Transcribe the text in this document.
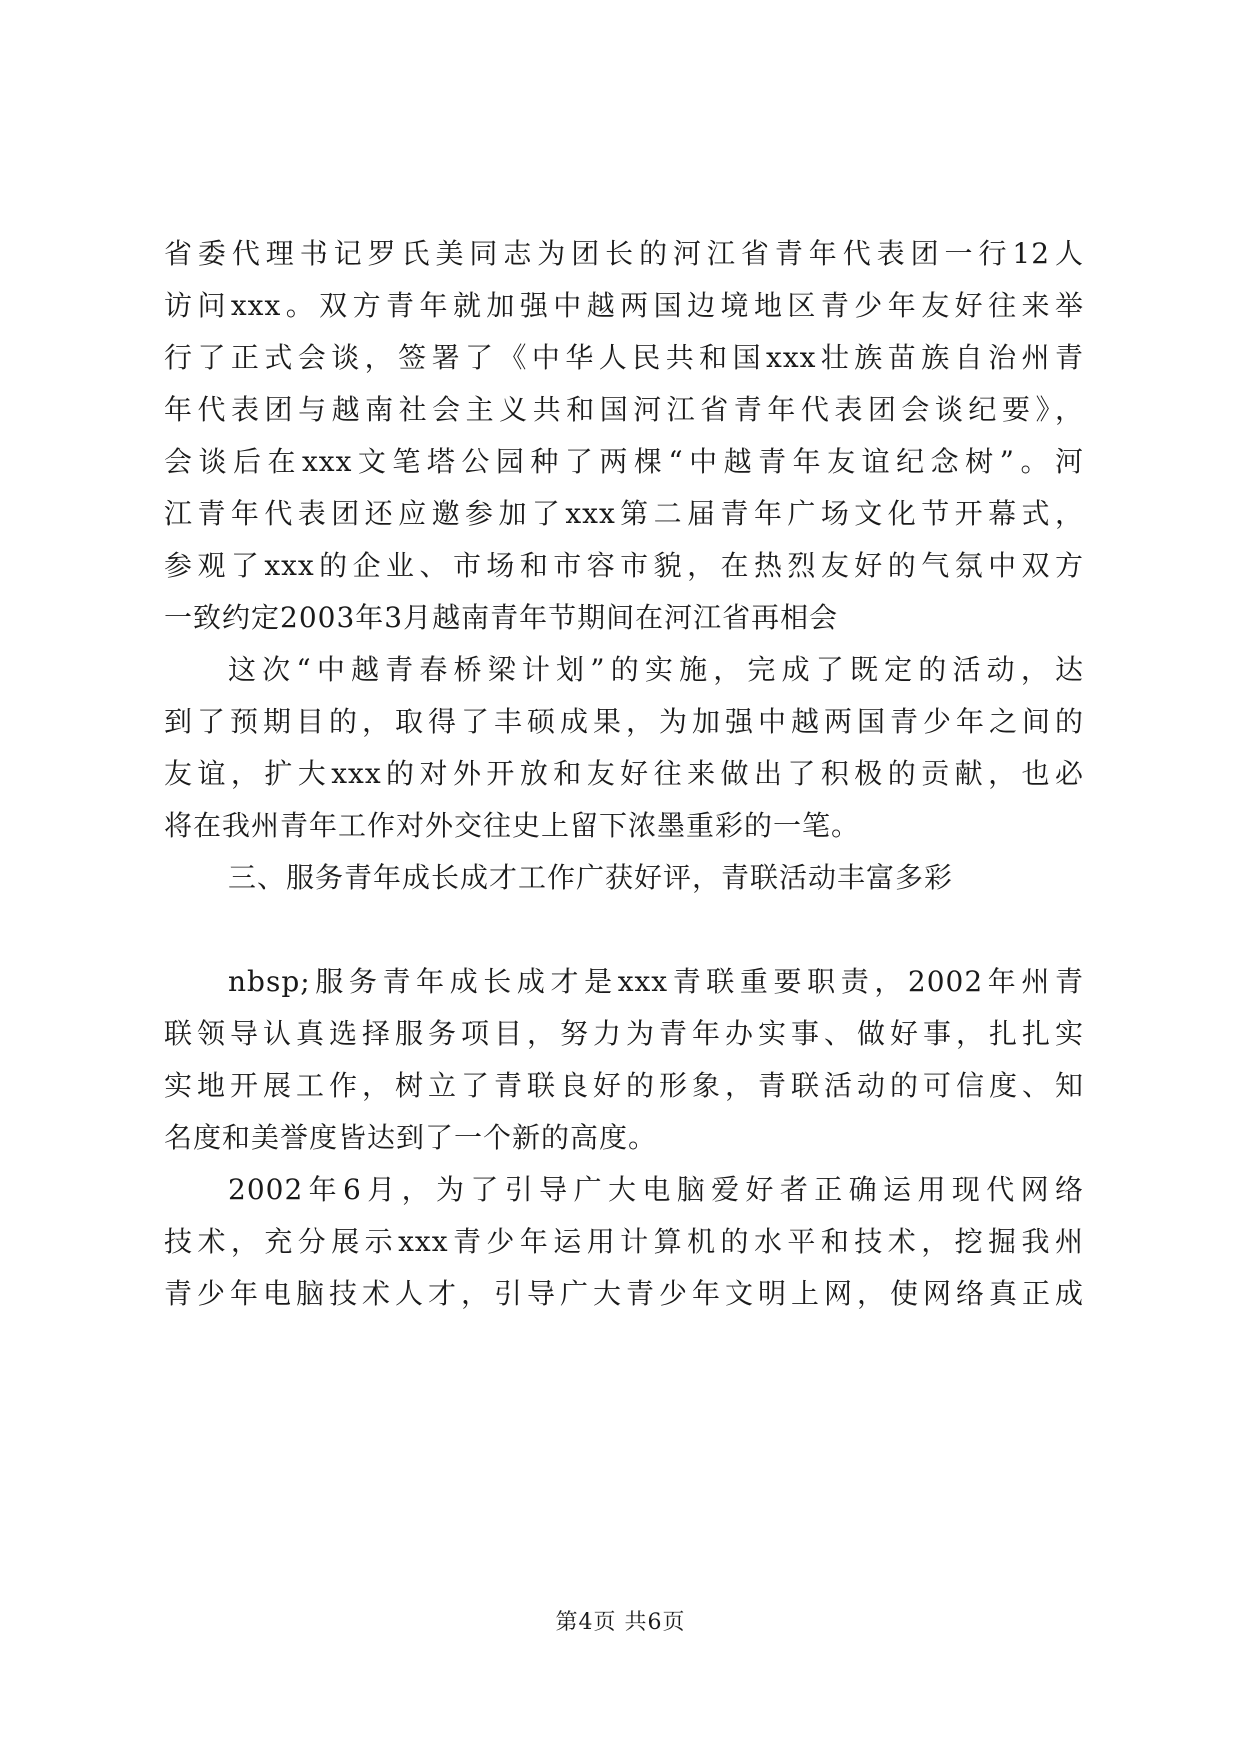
省委代理书记罗氏美同志为团长的河江省青年代表团一行12人
访问xxx。双方青年就加强中越两国边境地区青少年友好往来举
行了正式会谈，签署了《中华人民共和国xxx壮族苗族自治州青
年代表团与越南社会主义共和国河江省青年代表团会谈纪要》，
会谈后在xxx文笔塔公园种了两棵“中越青年友谊纪念树”。河
江青年代表团还应邀参加了xxx第二届青年广场文化节开幕式，
参观了xxx的企业、市场和市容市貌，在热烈友好的气氛中双方
一致约定2003年3月越南青年节期间在河江省再相会
这次“中越青春桥梁计划”的实施，完成了既定的活动，达
到了预期目的，取得了丰硕成果，为加强中越两国青少年之间的
友谊，扩大xxx的对外开放和友好往来做出了积极的贡献，也必
将在我州青年工作对外交往史上留下浓墨重彩的一笔。
三、服务青年成长成才工作广获好评，青联活动丰富多彩
nbsp;服务青年成长成才是xxx青联重要职责，2002年州青
联领导认真选择服务项目，努力为青年办实事、做好事，扎扎实
实地开展工作，树立了青联良好的形象，青联活动的可信度、知
名度和美誉度皆达到了一个新的高度。
2002年6月，为了引导广大电脑爱好者正确运用现代网络
技术，充分展示xxx青少年运用计算机的水平和技术，挖掘我州
青少年电脑技术人才，引导广大青少年文明上网，使网络真正成
第4页 共6页
